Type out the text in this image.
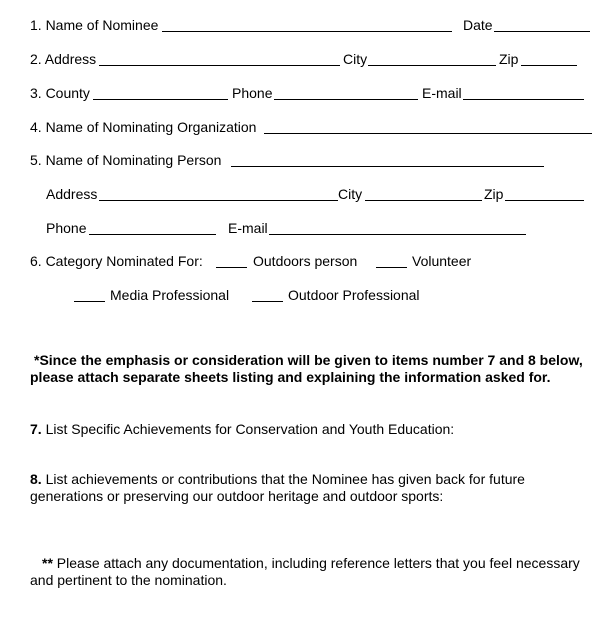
1. Name of Nominee	Date
2. Address	City	Zip
3. County	Phone	E-mail
4. Name of Nominating Organization
5. Name of Nominating Person
Address	City	Zip
Phone	E-mail
6. Category Nominated For:	Outdoors person	Volunteer
Media Professional	Outdoor Professional
*Since the emphasis or consideration will be given to items number 7 and 8 below, please attach separate sheets listing and explaining the information asked for.
7. List Specific Achievements for Conservation and Youth Education:
8. List achievements or contributions that the Nominee has given back for future generations or preserving our outdoor heritage and outdoor sports:
** Please attach any documentation, including reference letters that you feel necessary and pertinent to the nomination.
